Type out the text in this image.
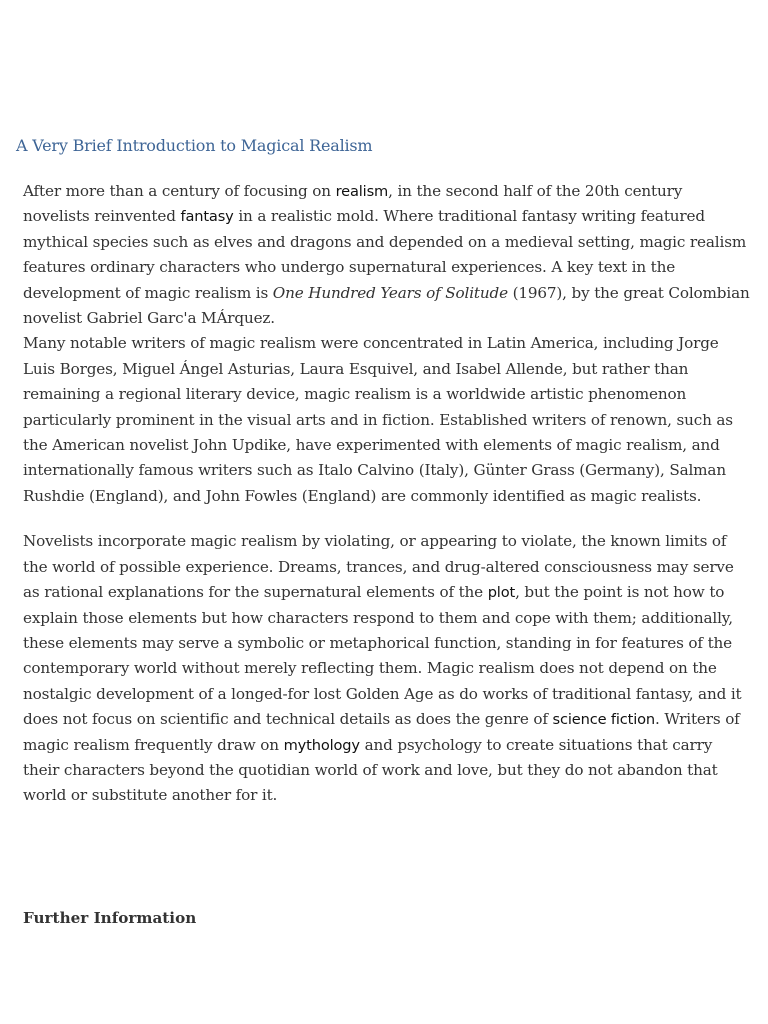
A Very Brief Introduction to Magical Realism

After more than a century of focusing on realism, in the second half of the 20th century novelists reinvented fantasy in a realistic mold. Where traditional fantasy writing featured mythical species such as elves and dragons and depended on a medieval setting, magic realism features ordinary characters who undergo supernatural experiences. A key text in the development of magic realism is One Hundred Years of Solitude (1967), by the great Colombian novelist Gabriel Garc'a MÁrquez.

Many notable writers of magic realism were concentrated in Latin America, including Jorge Luis Borges, Miguel Ángel Asturias, Laura Esquivel, and Isabel Allende, but rather than remaining a regional literary device, magic realism is a worldwide artistic phenomenon particularly prominent in the visual arts and in fiction. Established writers of renown, such as the American novelist John Updike, have experimented with elements of magic realism, and internationally famous writers such as Italo Calvino (Italy), Günter Grass (Germany), Salman Rushdie (England), and John Fowles (England) are commonly identified as magic realists.

Novelists incorporate magic realism by violating, or appearing to violate, the known limits of the world of possible experience. Dreams, trances, and drug-altered consciousness may serve as rational explanations for the supernatural elements of the plot, but the point is not how to explain those elements but how characters respond to them and cope with them; additionally, these elements may serve a symbolic or metaphorical function, standing in for features of the contemporary world without merely reflecting them. Magic realism does not depend on the nostalgic development of a longed-for lost Golden Age as do works of traditional fantasy, and it does not focus on scientific and technical details as does the genre of science fiction. Writers of magic realism frequently draw on mythology and psychology to create situations that carry their characters beyond the quotidian world of work and love, but they do not abandon that world or substitute another for it.

Further Information
